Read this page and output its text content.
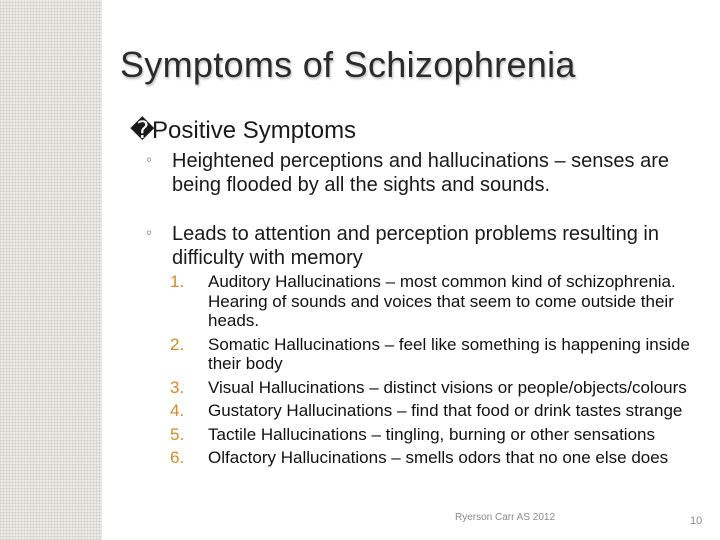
Symptoms of Schizophrenia
�Positive Symptoms
◦ Heightened perceptions and hallucinations – senses are being flooded by all the sights and sounds.
◦ Leads to attention and perception problems resulting in difficulty with memory
1. Auditory Hallucinations – most common kind of schizophrenia. Hearing of sounds and voices that seem to come outside their heads.
2. Somatic Hallucinations – feel like something is happening inside their body
3. Visual Hallucinations – distinct visions or people/objects/colours
4. Gustatory Hallucinations – find that food or drink tastes strange
5. Tactile Hallucinations – tingling, burning or other sensations
6. Olfactory Hallucinations – smells odors that no one else does
Ryerson Carr AS 2012	10
